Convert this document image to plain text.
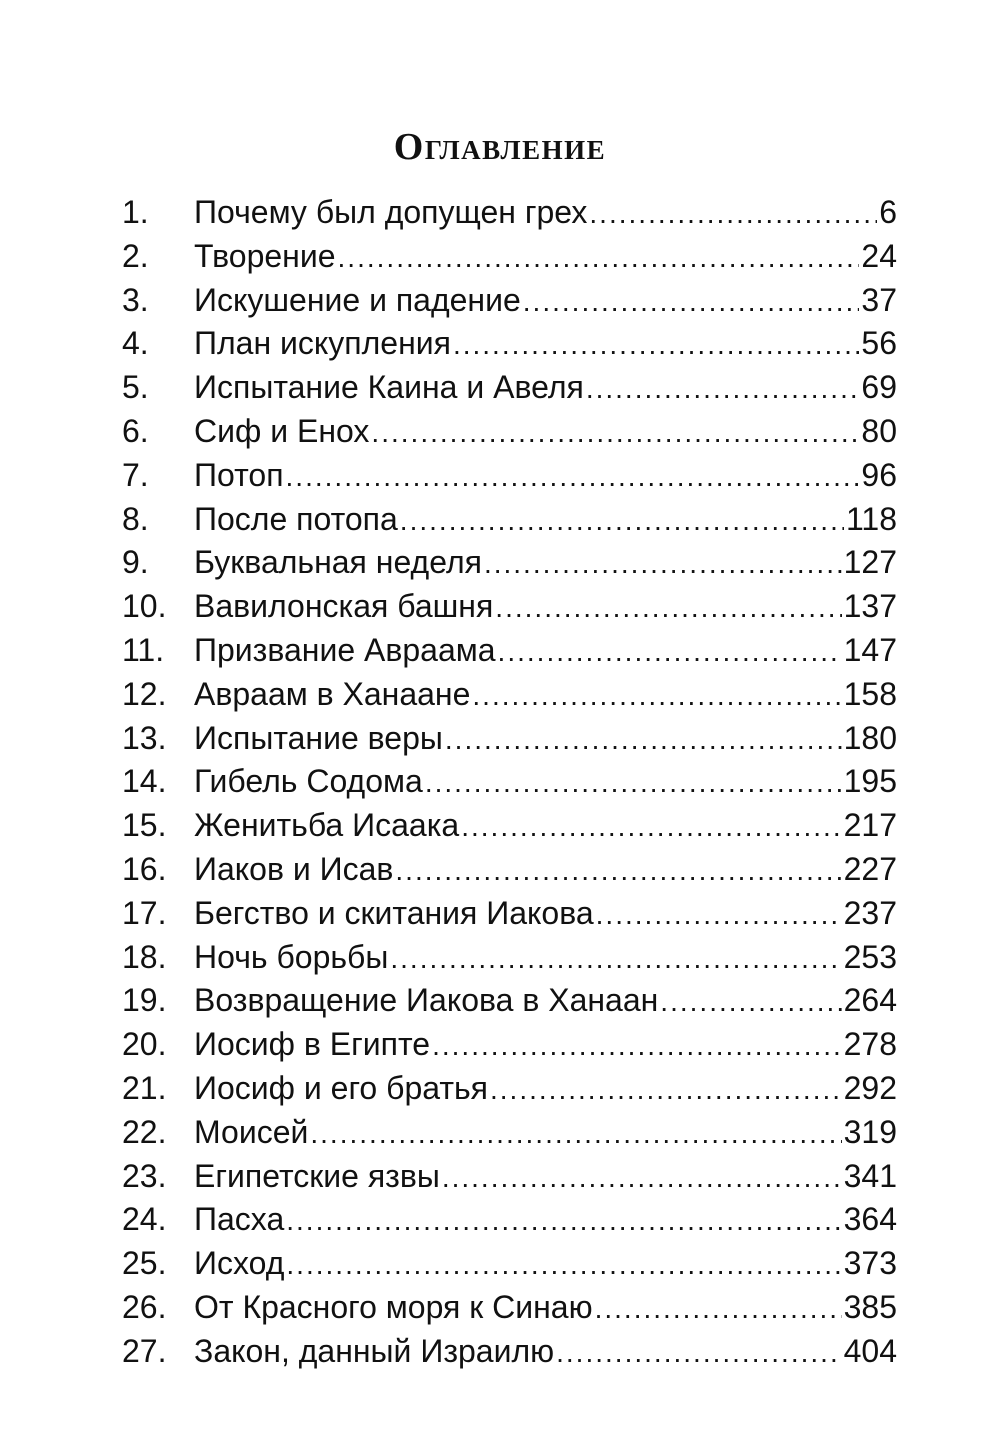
Оглавление
1.	Почему был допущен грех .....	6
2.	Творение .....	24
3.	Искушение и падение .....	37
4.	План искупления .....	56
5.	Испытание Каина и Авеля .....	69
6.	Сиф и Енох .....	80
7.	Потоп .....	96
8.	После потопа .....	118
9.	Буквальная неделя .....	127
10. Вавилонская башня .....	137
11. Призвание Авраама .....	147
12. Авраам в Ханаане .....	158
13. Испытание веры .....	180
14. Гибель Содома .....	195
15. Женитьба Исаака .....	217
16. Иаков и Исав .....	227
17. Бегство и скитания Иакова .....	237
18. Ночь борьбы .....	253
19. Возвращение Иакова в Ханаан .....	264
20. Иосиф в Египте .....	278
21. Иосиф и его братья .....	292
22. Моисей .....	319
23. Египетские язвы .....	341
24. Пасха .....	364
25. Исход .....	373
26. От Красного моря к Синаю .....	385
27. Закон, данный Израилю .....	404
